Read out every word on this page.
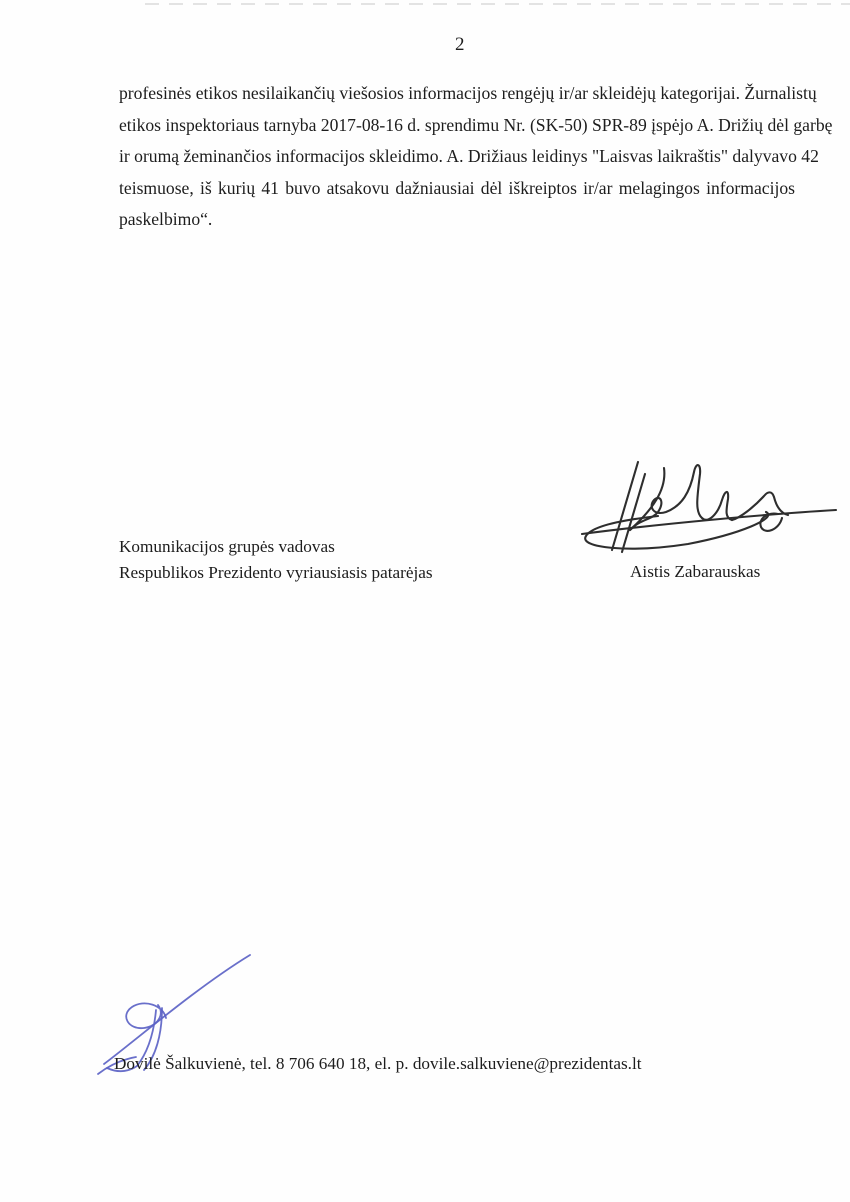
2
profesinės etikos nesilaikančių viešosios informacijos rengėjų ir/ar skleidėjų kategorijai. Žurnalistų
etikos inspektoriaus tarnyba 2017-08-16 d. sprendimu Nr. (SK-50) SPR-89 įspėjo A. Drižių dėl garbę
ir orumą žeminančios informacijos skleidimo. A. Drižiaus leidinys "Laisvas laikraštis" dalyvavo 42
teismuose, iš kurių 41 buvo atsakovu dažniausiai dėl iškreiptos ir/ar melagingos informacijos
paskelbimo“.
Komunikacijos grupės vadovas
Respublikos Prezidento vyriausiasis patarėjas	Aistis Zabarauskas
Dovilė Šalkuvienė, tel. 8 706 640 18, el. p. dovile.salkuviene@prezidentas.lt
